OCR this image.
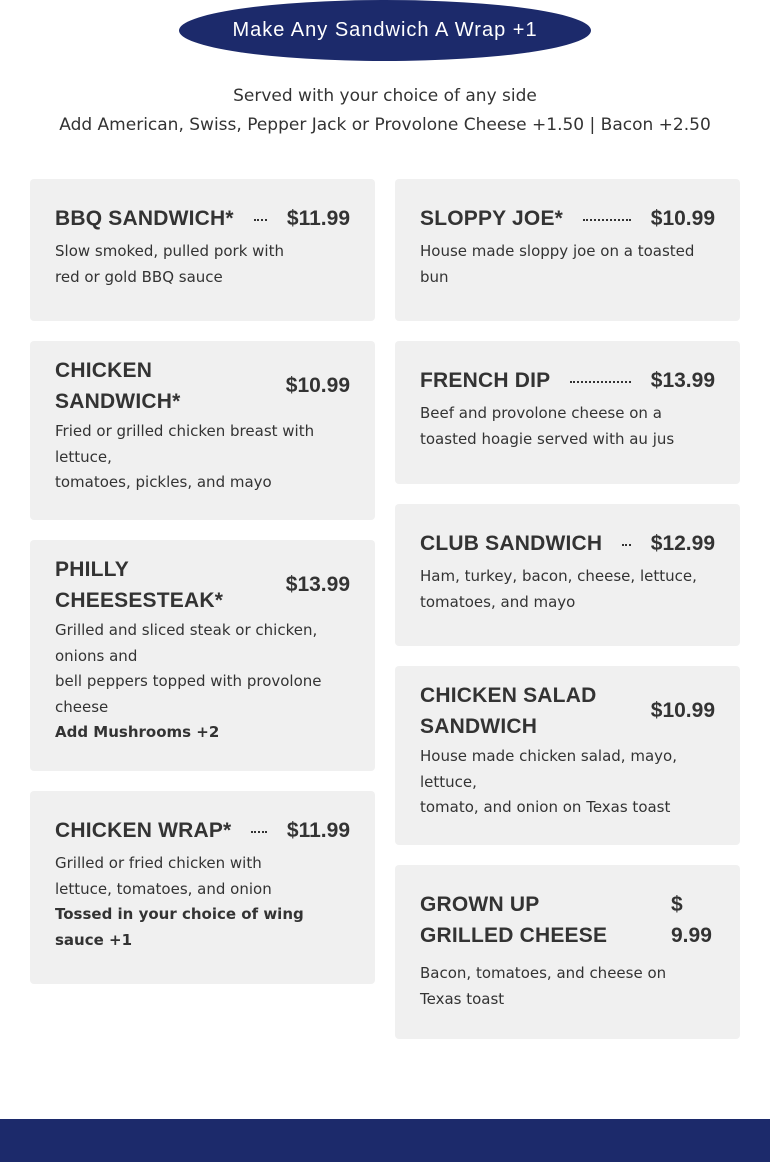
Make Any Sandwich A Wrap +1
Served with your choice of any side
Add American, Swiss, Pepper Jack or Provolone Cheese +1.50 | Bacon +2.50
BBQ SANDWICH*	$11.99
Slow smoked, pulled pork with
red or gold BBQ sauce
CHICKEN SANDWICH*
$10.99
Fried or grilled chicken breast with
lettuce,
tomatoes, pickles, and mayo
PHILLY CHEESESTEAK*
$13.99
Grilled and sliced steak or chicken,
onions and
bell peppers topped with provolone
cheese
Add Mushrooms +2
CHICKEN WRAP*	$11.99
Grilled or fried chicken with
lettuce, tomatoes, and onion
Tossed in your choice of wing
sauce +1
SLOPPY JOE*	$10.99
House made sloppy joe on a toasted
bun
FRENCH DIP	$13.99
Beef and provolone cheese on a
toasted hoagie served with au jus
CLUB SANDWICH $12.99
Ham, turkey, bacon, cheese, lettuce,
tomatoes, and mayo
CHICKEN SALAD SANDWICH
$10.99
House made chicken salad, mayo,
lettuce,
tomato, and onion on Texas toast
GROWN UP GRILLED CHEESE
$ 9.99
Bacon, tomatoes, and cheese on
Texas toast
